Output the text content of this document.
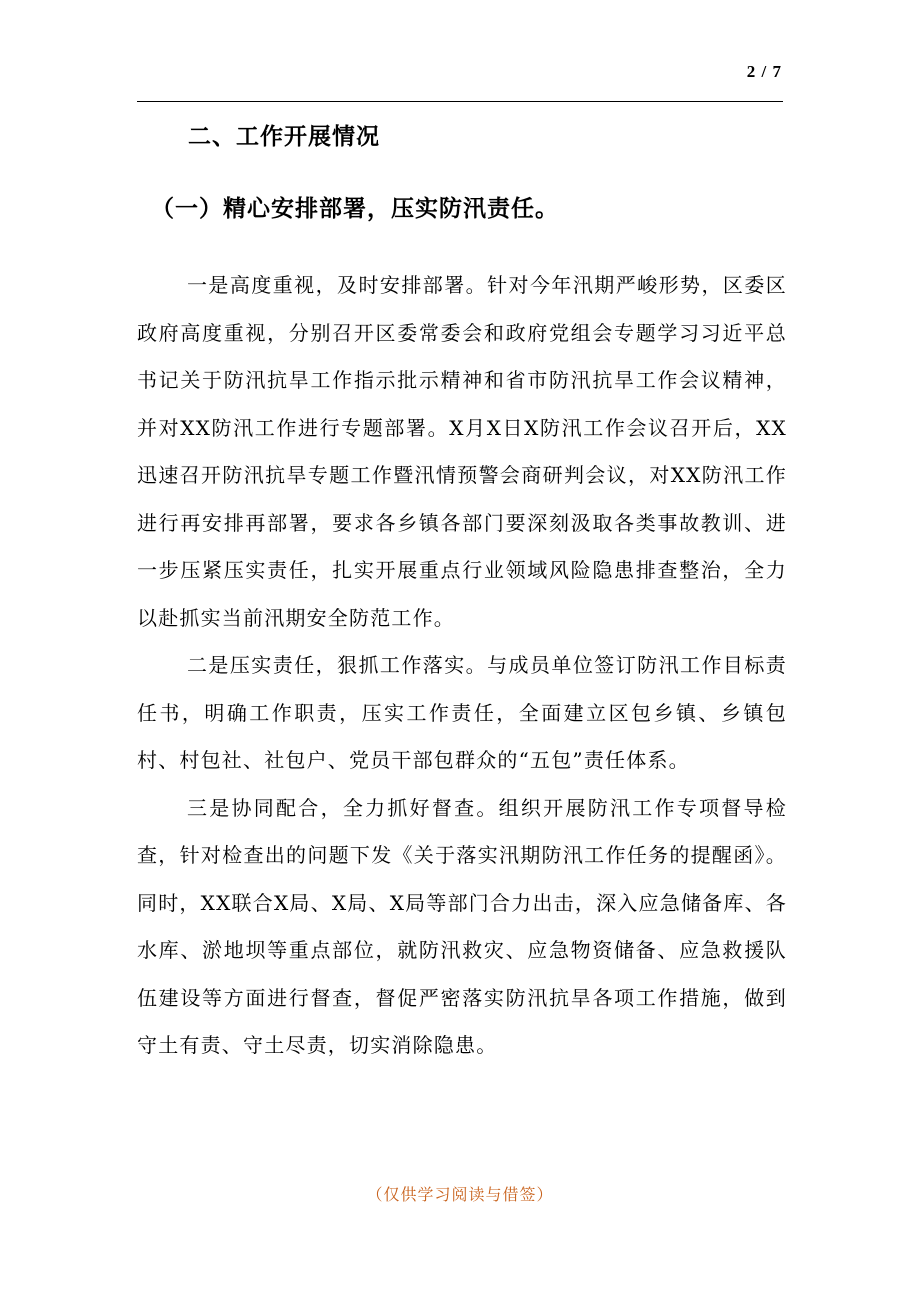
2 / 7
二、工作开展情况
（一）精心安排部署，压实防汛责任。

一是高度重视，及时安排部署。针对今年汛期严峻形势，区委区政府高度重视，分别召开区委常委会和政府党组会专题学习习近平总书记关于防汛抗旱工作指示批示精神和省市防汛抗旱工作会议精神，并对XX防汛工作进行专题部署。X月X日X防汛工作会议召开后，XX迅速召开防汛抗旱专题工作暨汛情预警会商研判会议，对XX防汛工作进行再安排再部署，要求各乡镇各部门要深刻汲取各类事故教训、进一步压紧压实责任，扎实开展重点行业领域风险隐患排查整治，全力以赴抓实当前汛期安全防范工作。

二是压实责任，狠抓工作落实。与成员单位签订防汛工作目标责任书，明确工作职责，压实工作责任，全面建立区包乡镇、乡镇包村、村包社、社包户、党员干部包群众的“五包”责任体系。

三是协同配合，全力抓好督查。组织开展防汛工作专项督导检查，针对检查出的问题下发《关于落实汛期防汛工作任务的提醒函》。同时，XX联合X局、X局、X局等部门合力出击，深入应急储备库、各水库、淤地坝等重点部位，就防汛救灾、应急物资储备、应急救援队伍建设等方面进行督查，督促严密落实防汛抗旱各项工作措施，做到守土有责、守土尽责，切实消除隐患。

（仅供学习阅读与借签）
